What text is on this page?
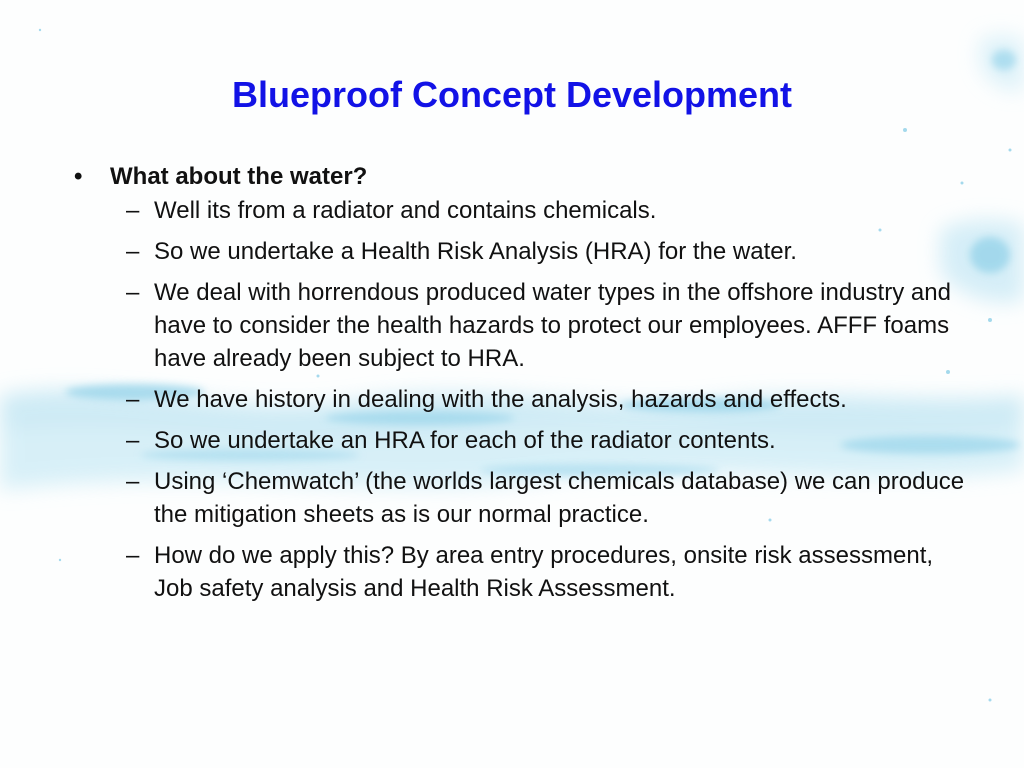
Blueproof Concept Development
• What about the water?
– Well its from a radiator and contains chemicals.
– So we undertake a Health Risk Analysis (HRA) for the water.
– We deal with horrendous produced water types in the offshore industry and have to consider the health hazards to protect our employees. AFFF foams have already been subject to HRA.
– We have history in dealing with the analysis, hazards and effects.
– So we undertake an HRA for each of the radiator contents.
– Using ‘Chemwatch’ (the worlds largest chemicals database) we can produce the mitigation sheets as is our normal practice.
– How do we apply this? By area entry procedures, onsite risk assessment, Job safety analysis and Health Risk Assessment.
